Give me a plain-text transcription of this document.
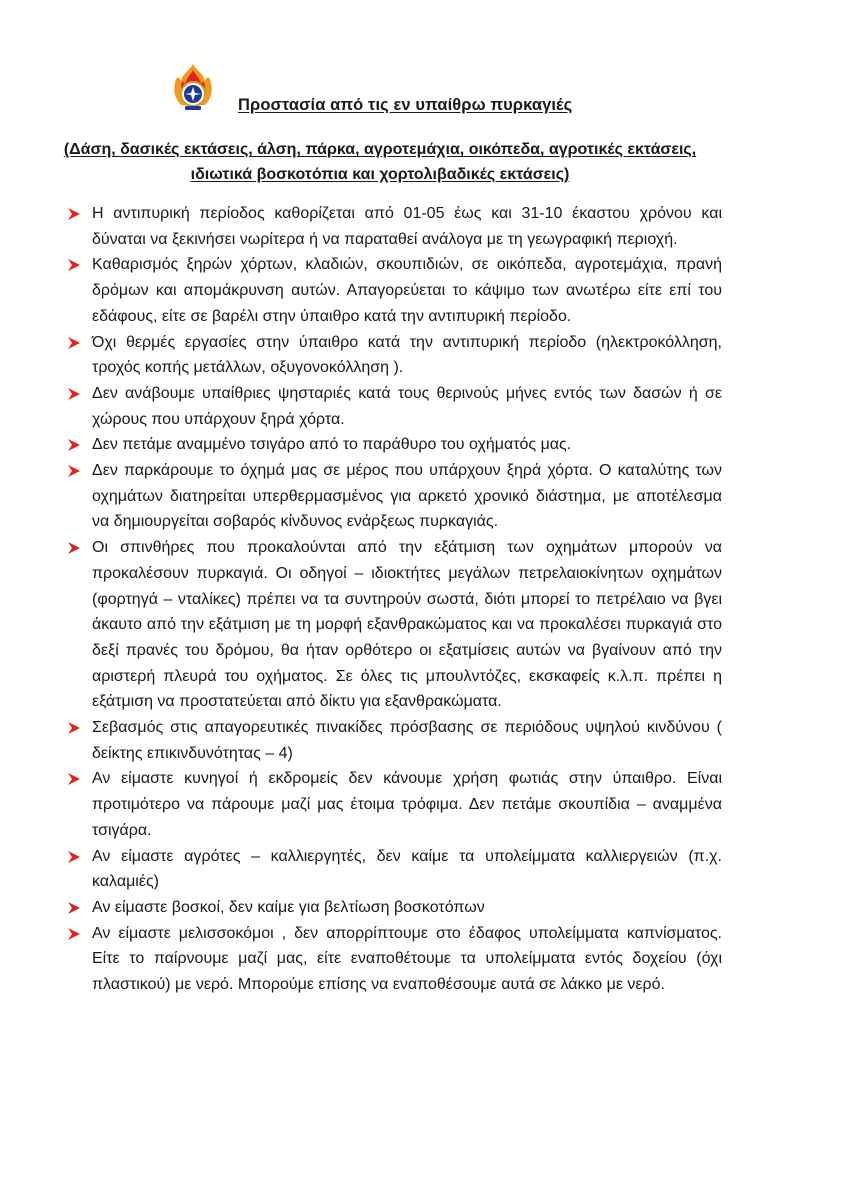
Προστασία από τις εν υπαίθρω πυρκαγιές
(Δάση, δασικές εκτάσεις, άλση, πάρκα, αγροτεμάχια, οικόπεδα, αγροτικές εκτάσεις,
ιδιωτικά βοσκοτόπια και χορτολιβαδικές εκτάσεις)
Η αντιπυρική περίοδος καθορίζεται από 01-05 έως και 31-10 έκαστου χρόνου και δύναται να ξεκινήσει νωρίτερα ή να παραταθεί ανάλογα με τη γεωγραφική περιοχή.
Καθαρισμός ξηρών χόρτων, κλαδιών, σκουπιδιών, σε οικόπεδα, αγροτεμάχια, πρανή δρόμων και απομάκρυνση αυτών. Απαγορεύεται το κάψιμο των ανωτέρω είτε επί του εδάφους, είτε σε βαρέλι στην ύπαιθρο κατά την αντιπυρική περίοδο.
Όχι θερμές εργασίες στην ύπαιθρο κατά την αντιπυρική περίοδο (ηλεκτροκόλληση, τροχός κοπής μετάλλων, οξυγονοκόλληση ).
Δεν ανάβουμε υπαίθριες ψησταριές κατά τους θερινούς μήνες εντός των δασών ή σε χώρους που υπάρχουν ξηρά χόρτα.
Δεν πετάμε αναμμένο τσιγάρο από το παράθυρο του οχήματός μας.
Δεν παρκάρουμε το όχημά μας σε μέρος που υπάρχουν ξηρά χόρτα. Ο καταλύτης των οχημάτων διατηρείται υπερθερμασμένος για αρκετό χρονικό διάστημα, με αποτέλεσμα να δημιουργείται σοβαρός κίνδυνος ενάρξεως πυρκαγιάς.
Οι σπινθήρες που προκαλούνται από την εξάτμιση των οχημάτων μπορούν να προκαλέσουν πυρκαγιά. Οι οδηγοί – ιδιοκτήτες μεγάλων πετρελαιοκίνητων οχημάτων (φορτηγά – νταλίκες) πρέπει να τα συντηρούν σωστά, διότι μπορεί το πετρέλαιο να βγει άκαυτο από την εξάτμιση με τη μορφή εξανθρακώματος και να προκαλέσει πυρκαγιά στο δεξί πρανές του δρόμου, θα ήταν ορθότερο οι εξατμίσεις αυτών να βγαίνουν από την αριστερή πλευρά του οχήματος. Σε όλες τις μπουλντόζες, εκσκαφείς κ.λ.π. πρέπει η εξάτμιση να προστατεύεται από δίκτυ για εξανθρακώματα.
Σεβασμός στις απαγορευτικές πινακίδες πρόσβασης σε περιόδους υψηλού κινδύνου ( δείκτης επικινδυνότητας – 4)
Αν είμαστε κυνηγοί ή εκδρομείς δεν κάνουμε χρήση φωτιάς στην ύπαιθρο. Είναι προτιμότερο να πάρουμε μαζί μας έτοιμα τρόφιμα. Δεν πετάμε σκουπίδια – αναμμένα τσιγάρα.
Αν είμαστε αγρότες – καλλιεργητές, δεν καίμε τα υπολείμματα καλλιεργειών (π.χ. καλαμιές)
Αν είμαστε βοσκοί, δεν καίμε για βελτίωση βοσκοτόπων
Αν είμαστε μελισσοκόμοι , δεν απορρίπτουμε στο έδαφος υπολείμματα καπνίσματος. Είτε το παίρνουμε μαζί μας, είτε εναποθέτουμε τα υπολείμματα εντός δοχείου (όχι πλαστικού) με νερό. Μπορούμε επίσης να εναποθέσουμε αυτά σε λάκκο με νερό.
